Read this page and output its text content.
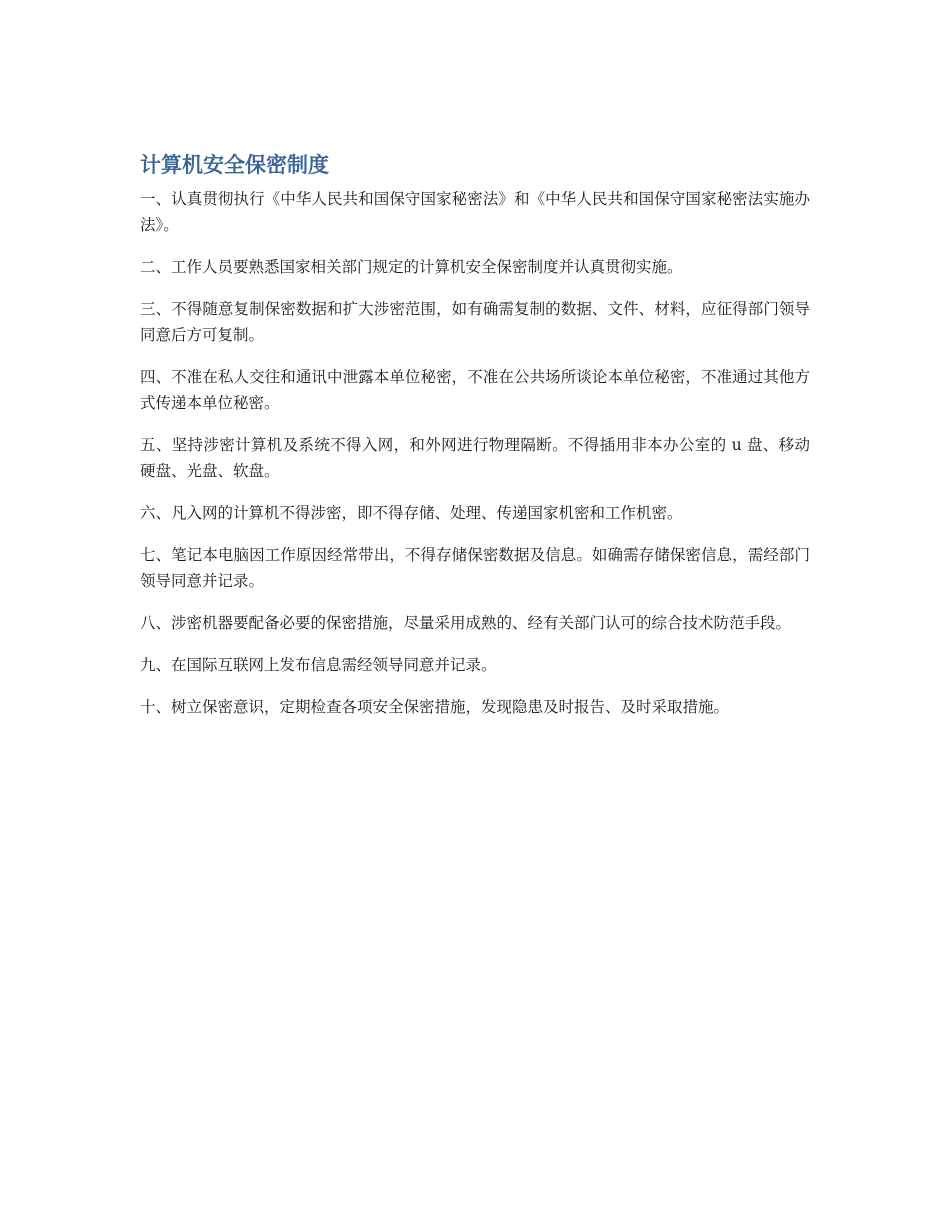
计算机安全保密制度

一、认真贯彻执行《中华人民共和国保守国家秘密法》和《中华人民共和国保守国家秘密法实施办法》。

二、工作人员要熟悉国家相关部门规定的计算机安全保密制度并认真贯彻实施。

三、不得随意复制保密数据和扩大涉密范围，如有确需复制的数据、文件、材料，应征得部门领导同意后方可复制。

四、不准在私人交往和通讯中泄露本单位秘密，不准在公共场所谈论本单位秘密，不准通过其他方式传递本单位秘密。

五、坚持涉密计算机及系统不得入网，和外网进行物理隔断。不得插用非本办公室的 u 盘、移动硬盘、光盘、软盘。

六、凡入网的计算机不得涉密，即不得存储、处理、传递国家机密和工作机密。

七、笔记本电脑因工作原因经常带出，不得存储保密数据及信息。如确需存储保密信息，需经部门领导同意并记录。

八、涉密机器要配备必要的保密措施，尽量采用成熟的、经有关部门认可的综合技术防范手段。

九、在国际互联网上发布信息需经领导同意并记录。

十、树立保密意识，定期检查各项安全保密措施，发现隐患及时报告、及时采取措施。
